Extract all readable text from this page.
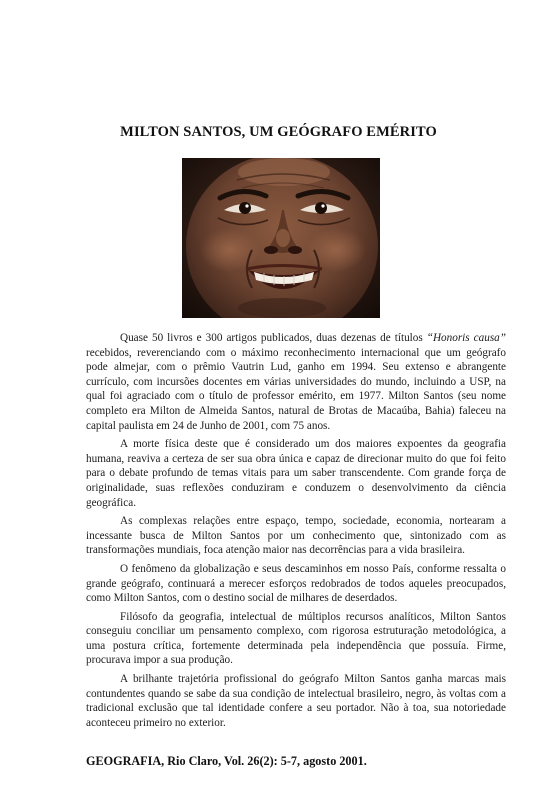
MILTON SANTOS, UM GEÓGRAFO EMÉRITO

Quase 50 livros e 300 artigos publicados, duas dezenas de títulos “Honoris causa” recebidos, reverenciando com o máximo reconhecimento internacional que um geógrafo pode almejar, com o prêmio Vautrin Lud, ganho em 1994. Seu extenso e abrangente currículo, com incursões docentes em várias universidades do mundo, incluindo a USP, na qual foi agraciado com o título de professor emérito, em 1977. Milton Santos (seu nome completo era Milton de Almeida Santos, natural de Brotas de Macaúba, Bahia) faleceu na capital paulista em 24 de Junho de 2001, com 75 anos.

A morte física deste que é considerado um dos maiores expoentes da geografia humana, reaviva a certeza de ser sua obra única e capaz de direcionar muito do que foi feito para o debate profundo de temas vitais para um saber transcendente. Com grande força de originalidade, suas reflexões conduziram e conduzem o desenvolvimento da ciência geográfica.

As complexas relações entre espaço, tempo, sociedade, economia, nortearam a incessante busca de Milton Santos por um conhecimento que, sintonizado com as transformações mundiais, foca atenção maior nas decorrências para a vida brasileira.

O fenômeno da globalização e seus descaminhos em nosso País, conforme ressalta o grande geógrafo, continuará a merecer esforços redobrados de todos aqueles preocupados, como Milton Santos, com o destino social de milhares de deserdados.

Filósofo da geografia, intelectual de múltiplos recursos analíticos, Milton Santos conseguiu conciliar um pensamento complexo, com rigorosa estruturação metodológica, a uma postura crítica, fortemente determinada pela independência que possuía. Firme, procurava impor a sua produção.

A brilhante trajetória profissional do geógrafo Milton Santos ganha marcas mais contundentes quando se sabe da sua condição de intelectual brasileiro, negro, às voltas com a tradicional exclusão que tal identidade confere a seu portador. Não à toa, sua notoriedade aconteceu primeiro no exterior.

GEOGRAFIA, Rio Claro, Vol. 26(2): 5-7, agosto 2001.
